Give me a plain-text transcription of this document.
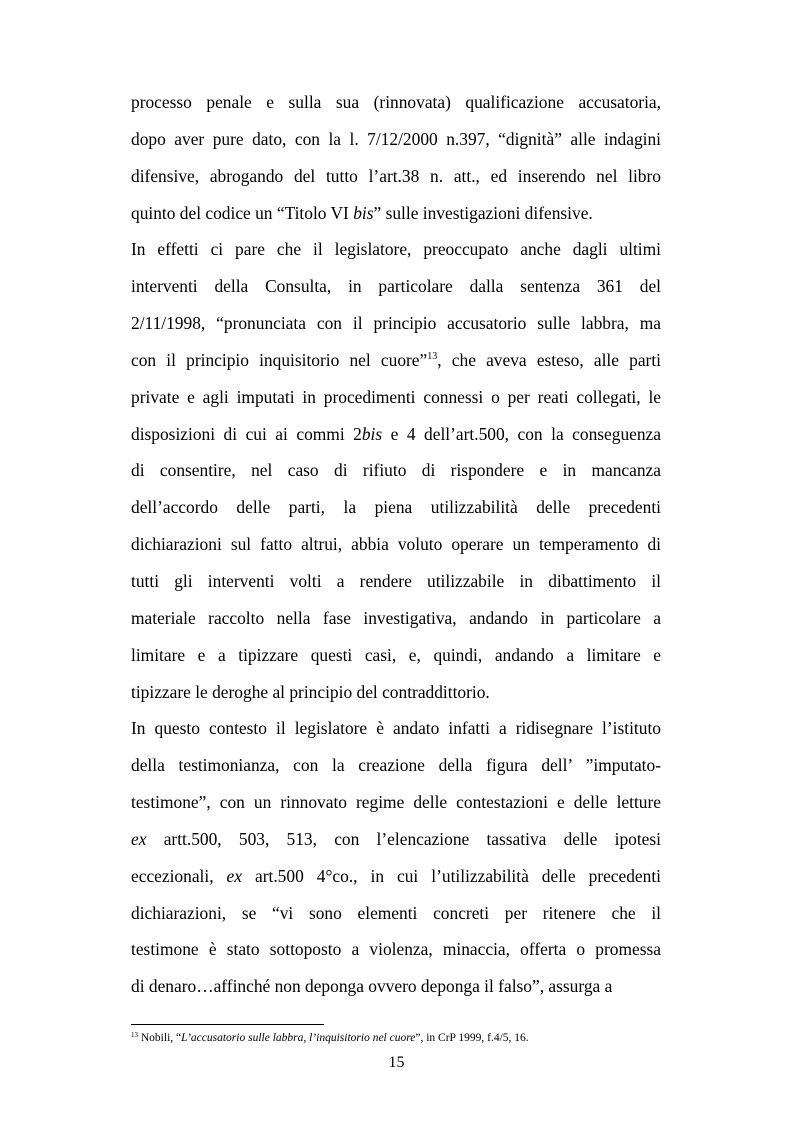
processo penale e sulla sua (rinnovata) qualificazione accusatoria,
dopo aver pure dato, con la l. 7/12/2000 n.397, “dignità” alle indagini
difensive, abrogando del tutto l’art.38 n. att., ed inserendo nel libro
quinto del codice un “Titolo VI bis” sulle investigazioni difensive.
In effetti ci pare che il legislatore, preoccupato anche dagli ultimi
interventi della Consulta, in particolare dalla sentenza 361 del
2/11/1998, “pronunciata con il principio accusatorio sulle labbra, ma
con il principio inquisitorio nel cuore”$^{13}$, che aveva esteso, alle parti
private e agli imputati in procedimenti connessi o per reati collegati, le
disposizioni di cui ai commi 2bis e 4 dell’art.500, con la conseguenza
di consentire, nel caso di rifiuto di rispondere e in mancanza
dell’accordo delle parti, la piena utilizzabilità delle precedenti
dichiarazioni sul fatto altrui, abbia voluto operare un temperamento di
tutti gli interventi volti a rendere utilizzabile in dibattimento il
materiale raccolto nella fase investigativa, andando in particolare a
limitare e a tipizzare questi casi, e, quindi, andando a limitare e
tipizzare le deroghe al principio del contraddittorio.
In questo contesto il legislatore è andato infatti a ridisegnare l’istituto
della testimonianza, con la creazione della figura dell’ ”imputato-
testimone”, con un rinnovato regime delle contestazioni e delle letture
ex artt.500, 503, 513, con l’elencazione tassativa delle ipotesi
eccezionali, ex art.500 4°co., in cui l’utilizzabilità delle precedenti
dichiarazioni, se “vi sono elementi concreti per ritenere che il
testimone è stato sottoposto a violenza, minaccia, offerta o promessa
di denaro…affinché non deponga ovvero deponga il falso”, assurga a
$^{13}$ Nobili, “L’accusatorio sulle labbra, l’inquisitorio nel cuore”, in CrP 1999, f.4/5, 16.
15
